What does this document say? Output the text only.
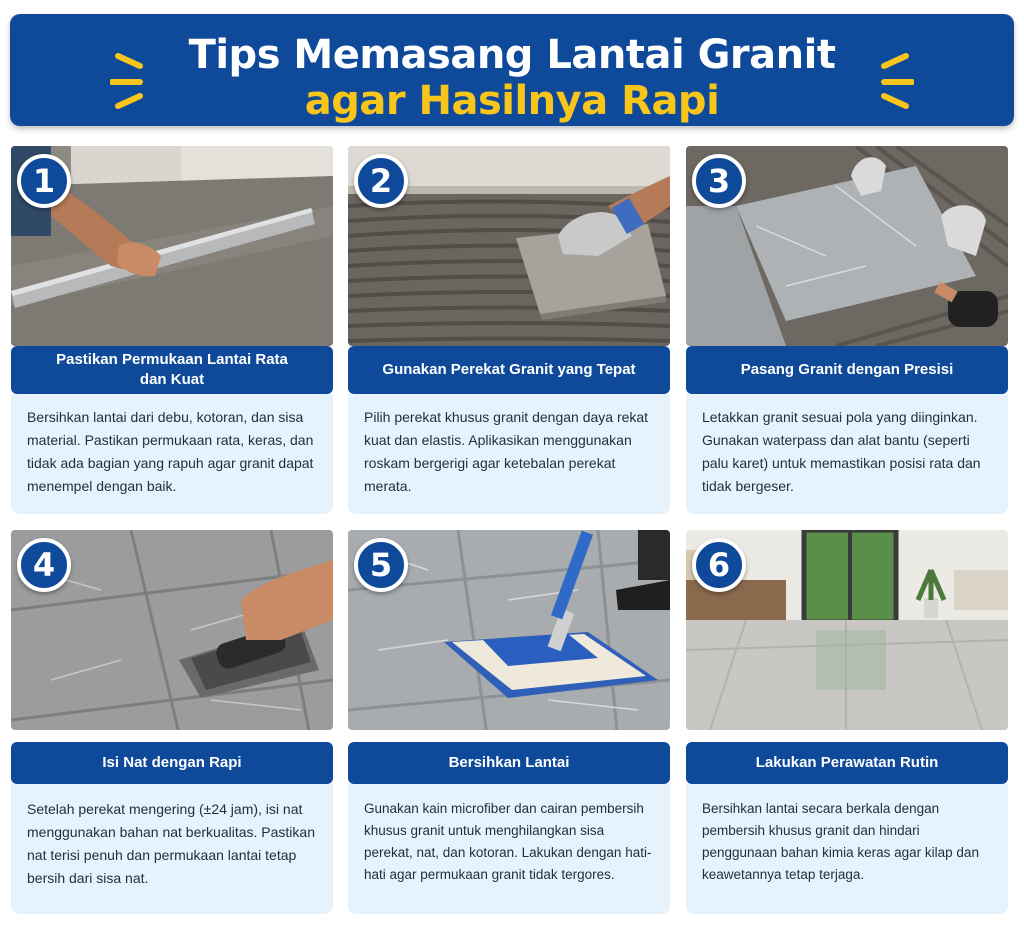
Tips Memasang Lantai Granit
agar Hasilnya Rapi
1
Pastikan Permukaan Lantai Rata dan Kuat
Bersihkan lantai dari debu, kotoran, dan sisa material. Pastikan permukaan rata, keras, dan tidak ada bagian yang rapuh agar granit dapat menempel dengan baik.
2
Gunakan Perekat Granit yang Tepat
Pilih perekat khusus granit dengan daya rekat kuat dan elastis. Aplikasikan menggunakan roskam bergerigi agar ketebalan perekat merata.
3
Pasang Granit dengan Presisi
Letakkan granit sesuai pola yang diinginkan. Gunakan waterpass dan alat bantu (seperti palu karet) untuk memastikan posisi rata dan tidak bergeser.
4
Isi Nat dengan Rapi
Setelah perekat mengering (±24 jam), isi nat menggunakan bahan nat berkualitas. Pastikan nat terisi penuh dan permukaan lantai tetap bersih dari sisa nat.
5
Bersihkan Lantai
Gunakan kain microfiber dan cairan pembersih khusus granit untuk menghilangkan sisa perekat, nat, dan kotoran. Lakukan dengan hati-hati agar permukaan granit tidak tergores.
6
Lakukan Perawatan Rutin
Bersihkan lantai secara berkala dengan pembersih khusus granit dan hindari penggunaan bahan kimia keras agar kilap dan keawetannya tetap terjaga.
